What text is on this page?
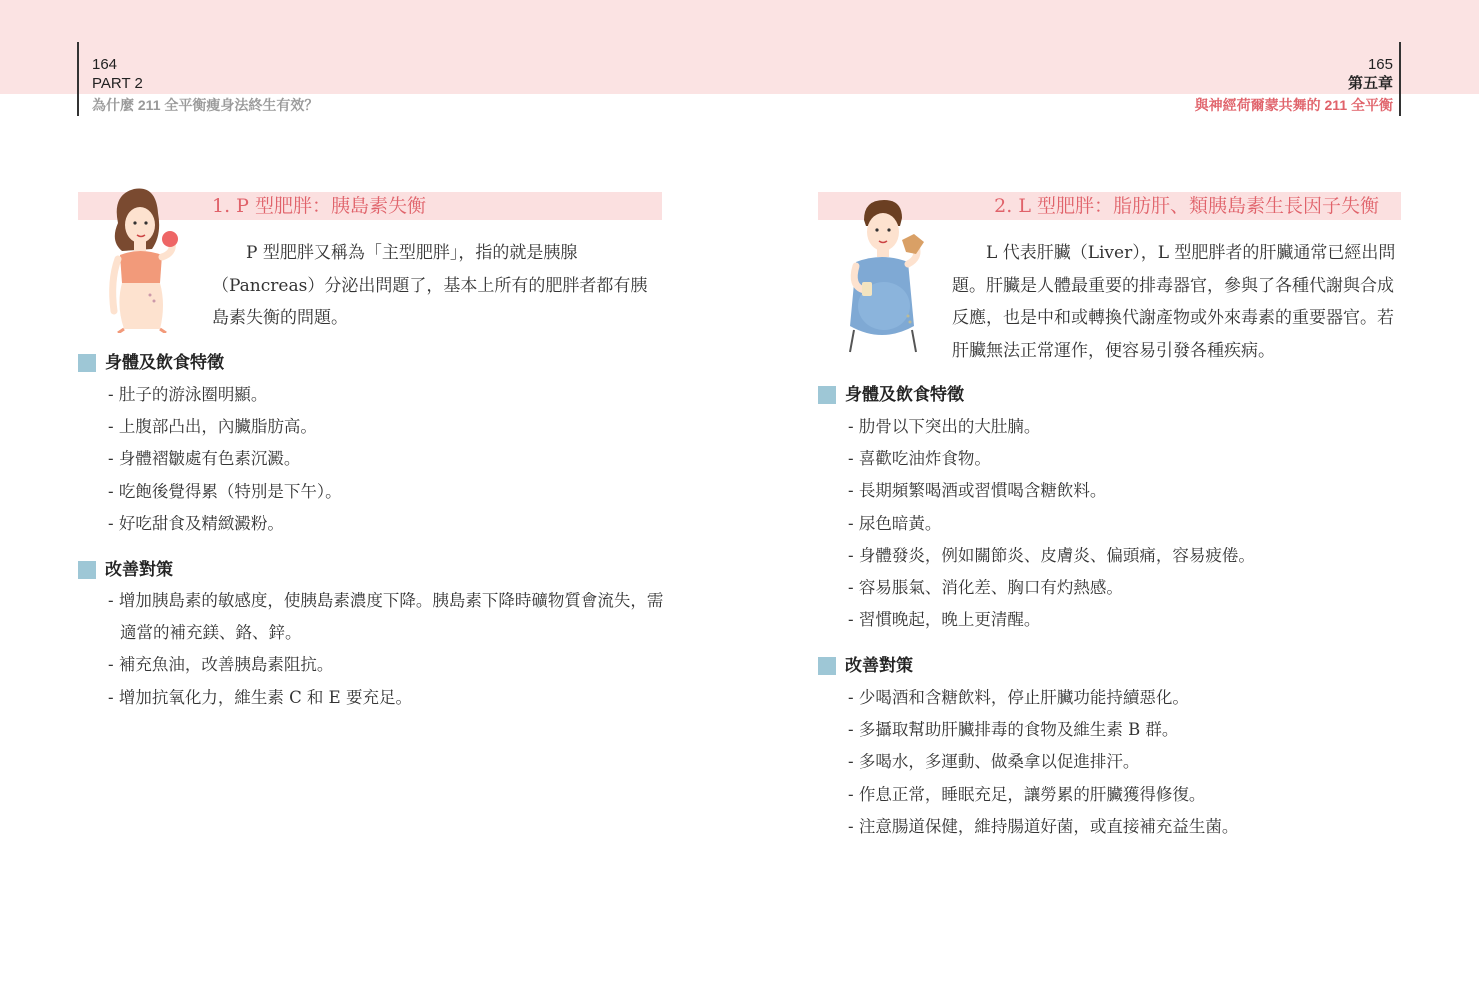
164
PART 2
為什麼 211 全平衡瘦身法終生有效？
165
第五章
與神經荷爾蒙共舞的 211 全平衡
1. P 型肥胖：胰島素失衡

P 型肥胖又稱為「主型肥胖」，指的就是胰腺（Pancreas）分泌出問題了，基本上所有的肥胖者都有胰島素失衡的問題。

身體及飲食特徵
- 肚子的游泳圈明顯。
- 上腹部凸出，內臟脂肪高。
- 身體褶皺處有色素沉澱。
- 吃飽後覺得累（特別是下午）。
- 好吃甜食及精緻澱粉。
改善對策
- 增加胰島素的敏感度，使胰島素濃度下降。胰島素下降時礦物質會流失，需適當的補充鎂、鉻、鋅。
- 補充魚油，改善胰島素阻抗。
- 增加抗氧化力，維生素 C 和 E 要充足。
2. L 型肥胖：脂肪肝、類胰島素生長因子失衡

L 代表肝臟（Liver），L 型肥胖者的肝臟通常已經出問題。肝臟是人體最重要的排毒器官，參與了各種代謝與合成反應，也是中和或轉換代謝產物或外來毒素的重要器官。若肝臟無法正常運作，便容易引發各種疾病。

身體及飲食特徵
- 肋骨以下突出的大肚腩。
- 喜歡吃油炸食物。
- 長期頻繁喝酒或習慣喝含糖飲料。
- 尿色暗黃。
- 身體發炎，例如關節炎、皮膚炎、偏頭痛，容易疲倦。
- 容易脹氣、消化差、胸口有灼熱感。
- 習慣晚起，晚上更清醒。
改善對策
- 少喝酒和含糖飲料，停止肝臟功能持續惡化。
- 多攝取幫助肝臟排毒的食物及維生素 B 群。
- 多喝水，多運動、做桑拿以促進排汗。
- 作息正常，睡眠充足，讓勞累的肝臟獲得修復。
- 注意腸道保健，維持腸道好菌，或直接補充益生菌。
